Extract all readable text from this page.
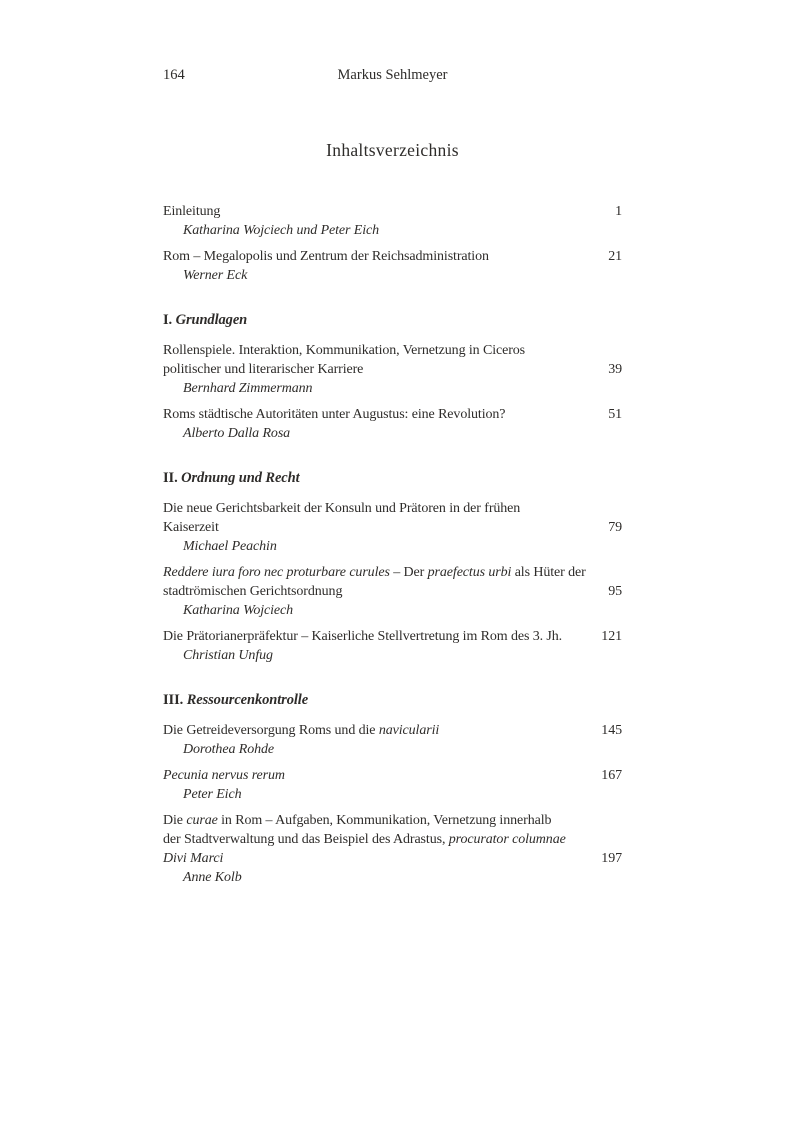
164	Markus Sehlmeyer
Inhaltsverzeichnis
Einleitung	1
Katharina Wojciech und Peter Eich
Rom – Megalopolis und Zentrum der Reichsadministration	21
Werner Eck
I. Grundlagen
Rollenspiele. Interaktion, Kommunikation, Vernetzung in Ciceros
politischer und literarischer Karriere	39
Bernhard Zimmermann
Roms städtische Autoritäten unter Augustus: eine Revolution?	51
Alberto Dalla Rosa
II. Ordnung und Recht
Die neue Gerichtsbarkeit der Konsuln und Prätoren in der frühen
Kaiserzeit	79
Michael Peachin
Reddere iura foro nec proturbare curules – Der praefectus urbi als Hüter der
stadtrömischen Gerichtsordnung	95
Katharina Wojciech
Die Prätorianerpräfektur – Kaiserliche Stellvertretung im Rom des 3. Jh.	121
Christian Unfug
III. Ressourcenkontrolle
Die Getreideversorgung Roms und die navicularii	145
Dorothea Rohde
Pecunia nervus rerum	167
Peter Eich
Die curae in Rom – Aufgaben, Kommunikation, Vernetzung innerhalb
der Stadtverwaltung und das Beispiel des Adrastus, procurator columnae
Divi Marci	197
Anne Kolb
